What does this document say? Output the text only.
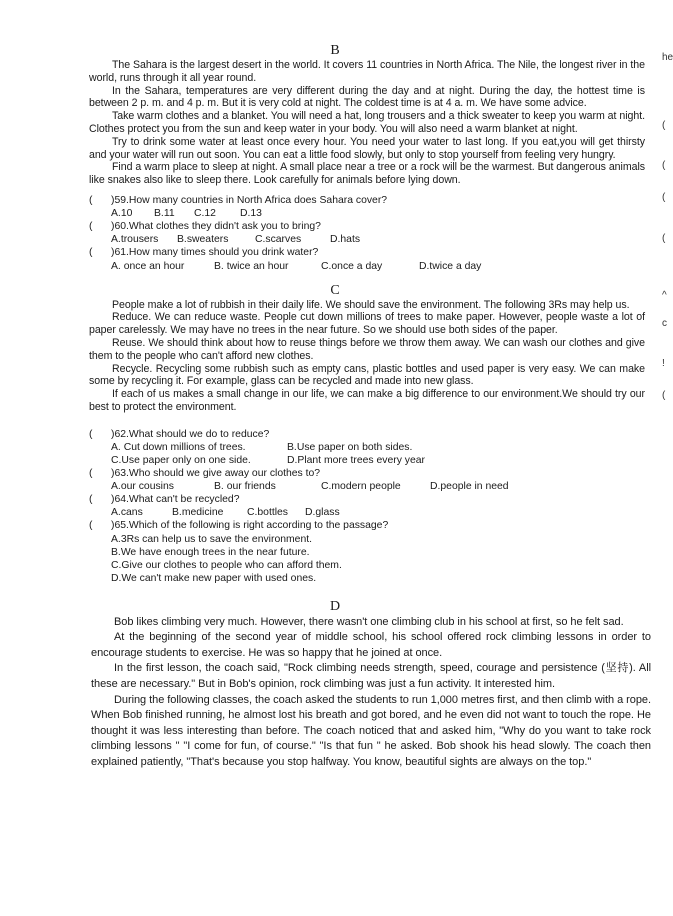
B

The Sahara is the largest desert in the world. It covers 11 countries in North Africa. The Nile, the longest river in the world, runs through it all year round.

In the Sahara, temperatures are very different during the day and at night. During the day, the hottest time is between 2 p. m. and 4 p. m. But it is very cold at night. The coldest time is at 4 a. m. We have some advice.

Take warm clothes and a blanket. You will need a hat, long trousers and a thick sweater to keep you warm at night. Clothes protect you from the sun and keep water in your body. You will also need a warm blanket at night.

Try to drink some water at least once every hour. You need your water to last long. If you eat,you will get thirsty and your water will run out soon. You can eat a little food slowly, but only to stop yourself from feeling very hungry.

Find a warm place to sleep at night. A small place near a tree or a rock will be the warmest. But dangerous animals like snakes also like to sleep there. Look carefully for animals before lying down.

( )59.How many countries in North Africa does Sahara cover?
A.10	B.11	C.12	D.13
( )60.What clothes they didn't ask you to bring?
A.trousers	B.sweaters	C.scarves	D.hats
( )61.How many times should you drink water?
A. once an hour	B. twice an hour	C.once a day	D.twice a day
C

People make a lot of rubbish in their daily life. We should save the environment. The following 3Rs may help us.

Reduce. We can reduce waste. People cut down millions of trees to make paper. However, people waste a lot of paper carelessly. We may have no trees in the near future. So we should use both sides of the paper.

Reuse. We should think about how to reuse things before we throw them away. We can wash our clothes and give them to the people who can't afford new clothes.

Recycle. Recycling some rubbish such as empty cans, plastic bottles and used paper is very easy. We can make some by recycling it. For example, glass can be recycled and made into new glass.

If each of us makes a small change in our life, we can make a big difference to our environment.We should try our best to protect the environment.

( )62.What should we do to reduce?
A. Cut down millions of trees.	B.Use paper on both sides.
C.Use paper only on one side.	D.Plant more trees every year
( )63.Who should we give away our clothes to?
A.our cousins	B. our friends	C.modern people	D.people in need
( )64.What can't be recycled?
A.cans	B.medicine	C.bottles	D.glass
( )65.Which of the following is right according to the passage?
A.3Rs can help us to save the environment.
B.We have enough trees in the near future.
C.Give our clothes to people who can afford them.
D.We can't make new paper with used ones.
D

Bob likes climbing very much. However, there wasn't one climbing club in his school at first, so he felt sad.

At the beginning of the second year of middle school, his school offered rock climbing lessons in order to encourage students to exercise. He was so happy that he joined at once.

In the first lesson, the coach said, "Rock climbing needs strength, speed, courage and persistence (坚持). All these are necessary." But in Bob's opinion, rock climbing was just a fun activity. It interested him.

During the following classes, the coach asked the students to run 1,000 metres first, and then climb with a rope. When Bob finished running, he almost lost his breath and got bored, and he even did not want to touch the rope. He thought it was less interesting than before. The coach noticed that and asked him, "Why do you want to take rock climbing lessons " "I come for fun, of course." "Is that fun " he asked. Bob shook his head slowly. The coach then explained patiently, "That's because you stop halfway. You know, beautiful sights are always on the top."

he
(
(
(
(
^
c
!
(
